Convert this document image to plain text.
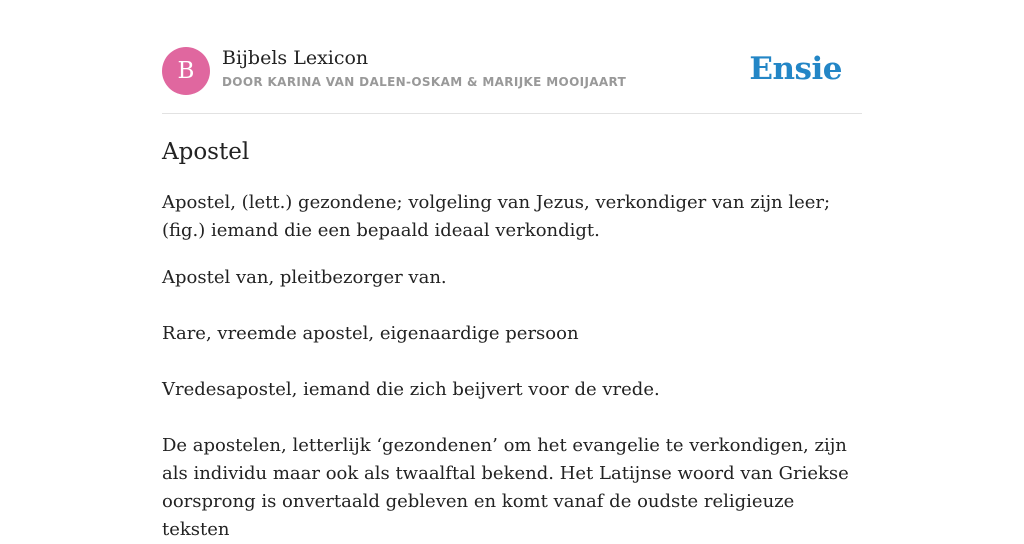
B	Bijbels Lexicon
DOOR KARINA VAN DALEN-OSKAM & MARIJKE MOOIJAART	Ensie
Apostel

Apostel, (lett.) gezondene; volgeling van Jezus, verkondiger van zijn leer; (fig.) iemand die een bepaald ideaal verkondigt.

Apostel van, pleitbezorger van.

Rare, vreemde apostel, eigenaardige persoon

Vredesapostel, iemand die zich beijvert voor de vrede.

De apostelen, letterlijk ‘gezondenen’ om het evangelie te verkondigen, zijn als individu maar ook als twaalftal bekend. Het Latijnse woord van Griekse oorsprong is onvertaald gebleven en komt vanaf de oudste religieuze teksten
